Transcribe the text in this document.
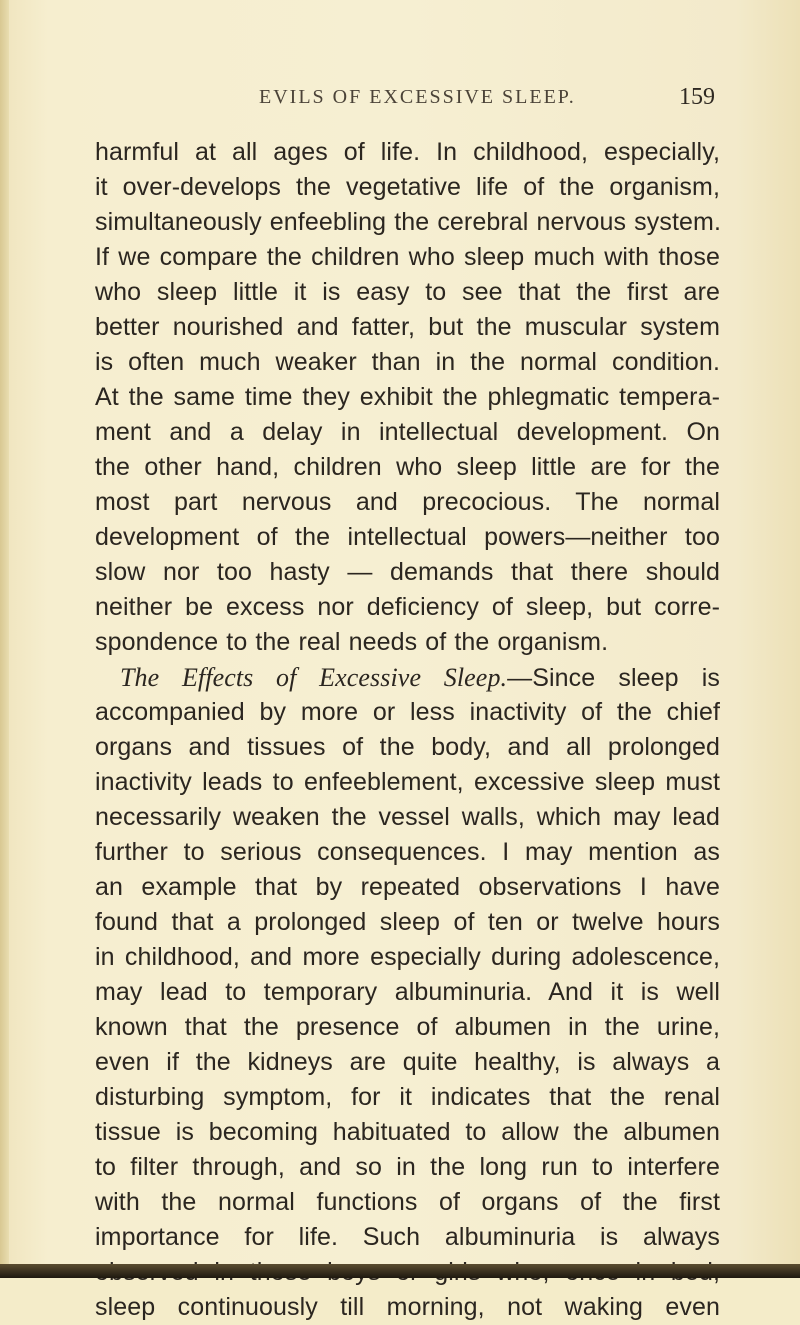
EVILS OF EXCESSIVE SLEEP.	159
harmful at all ages of life. In childhood, especially,
it over-develops the vegetative life of the organism,
simultaneously enfeebling the cerebral nervous system.
If we compare the children who sleep much with those
who sleep little it is easy to see that the first are
better nourished and fatter, but the muscular system
is often much weaker than in the normal condition.
At the same time they exhibit the phlegmatic tempera-
ment and a delay in intellectual development. On
the other hand, children who sleep little are for the
most part nervous and precocious. The normal
development of the intellectual powers—neither too
slow nor too hasty — demands that there should
neither be excess nor deficiency of sleep, but corre-
spondence to the real needs of the organism.
The Effects of Excessive Sleep.—Since sleep is
accompanied by more or less inactivity of the chief
organs and tissues of the body, and all prolonged
inactivity leads to enfeeblement, excessive sleep must
necessarily weaken the vessel walls, which may lead
further to serious consequences. I may mention as
an example that by repeated observations I have
found that a prolonged sleep of ten or twelve hours
in childhood, and more especially during adolescence,
may lead to temporary albuminuria. And it is well
known that the presence of albumen in the urine,
even if the kidneys are quite healthy, is always a
disturbing symptom, for it indicates that the renal
tissue is becoming habituated to allow the albumen
to filter through, and so in the long run to interfere
with the normal functions of organs of the first
importance for life. Such albuminuria is always
sleep continuously till morning, not waking even
